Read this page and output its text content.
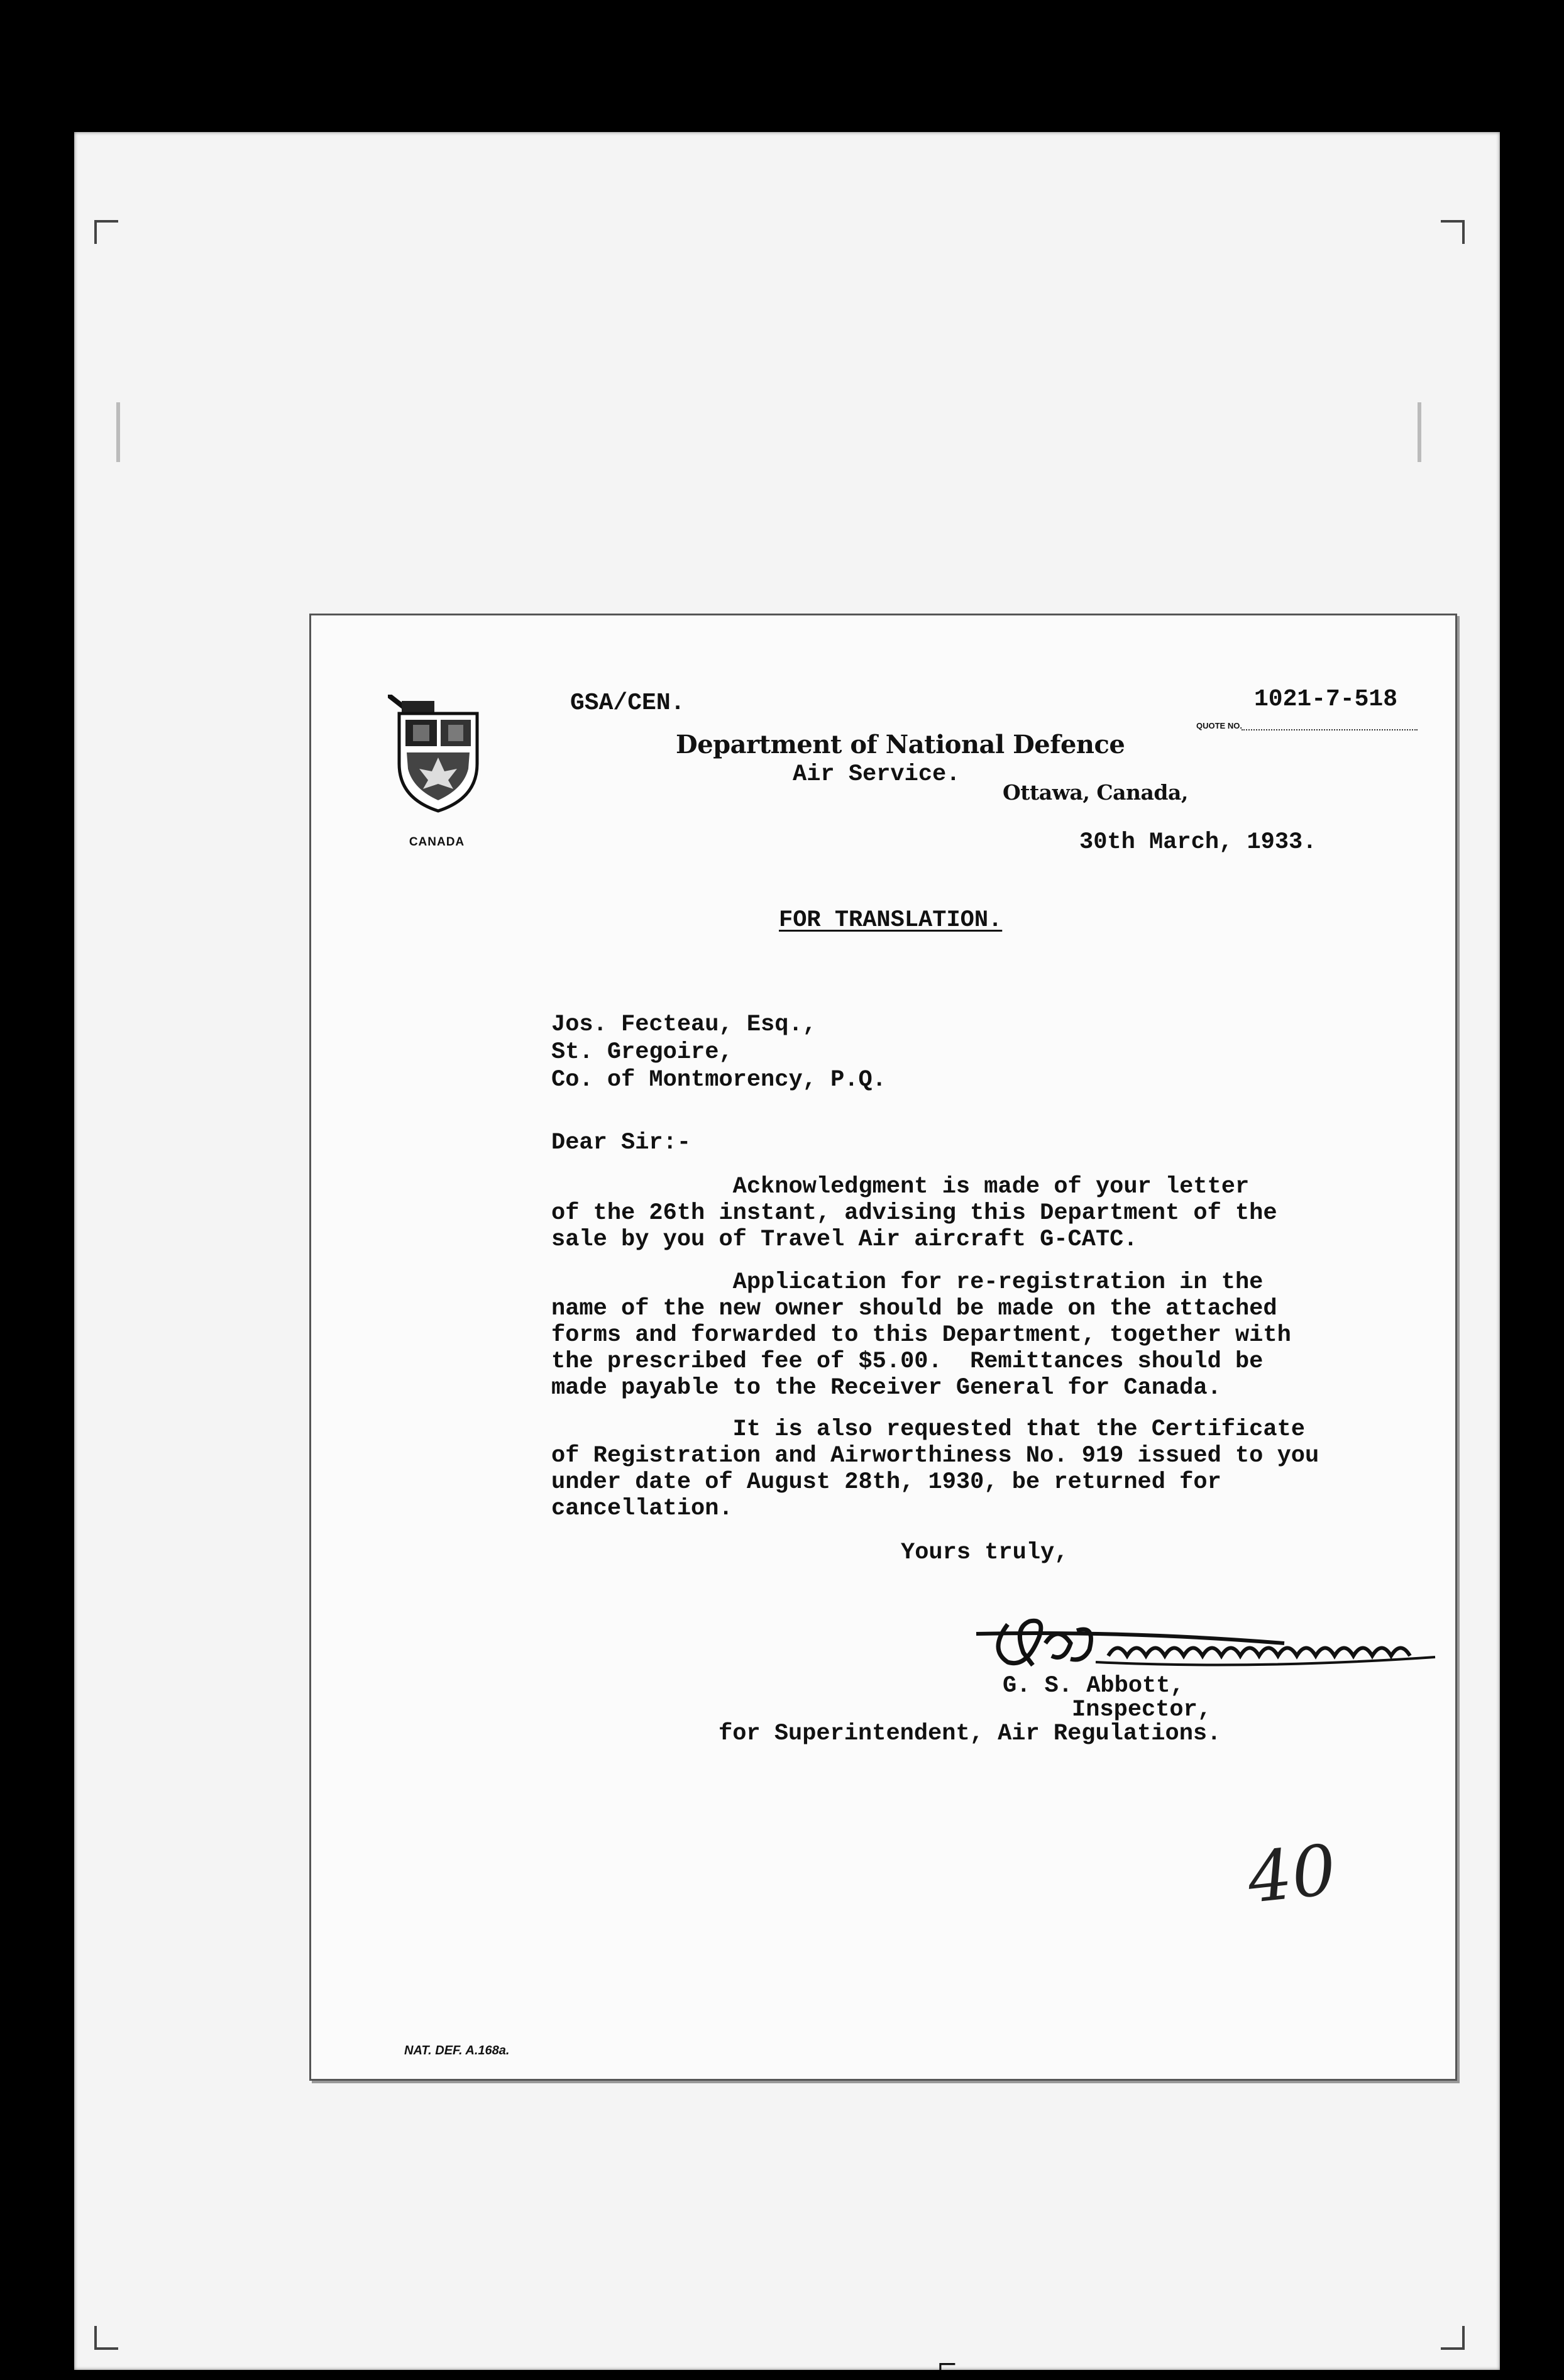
CANADA
GSA/CEN.	1021-7-518
QUOTE NO.
Department of National Defence
Air Service.
Ottawa, Canada,
30th March, 1933.
FOR TRANSLATION.
Jos. Fecteau, Esq.,
St. Gregoire,
Co. of Montmorency, P.Q.
Dear Sir:-
Acknowledgment is made of your letter
of the 26th instant, advising this Department of the
sale by you of Travel Air aircraft G-CATC.
Application for re-registration in the
name of the new owner should be made on the attached
forms and forwarded to this Department, together with
the prescribed fee of $5.00.  Remittances should be
made payable to the Receiver General for Canada.
It is also requested that the Certificate
of Registration and Airworthiness No. 919 issued to you
under date of August 28th, 1930, be returned for
cancellation.
Yours truly,
G. S. Abbott,
Inspector,
for Superintendent, Air Regulations.
40
NAT. DEF. A.168a.
⌐
